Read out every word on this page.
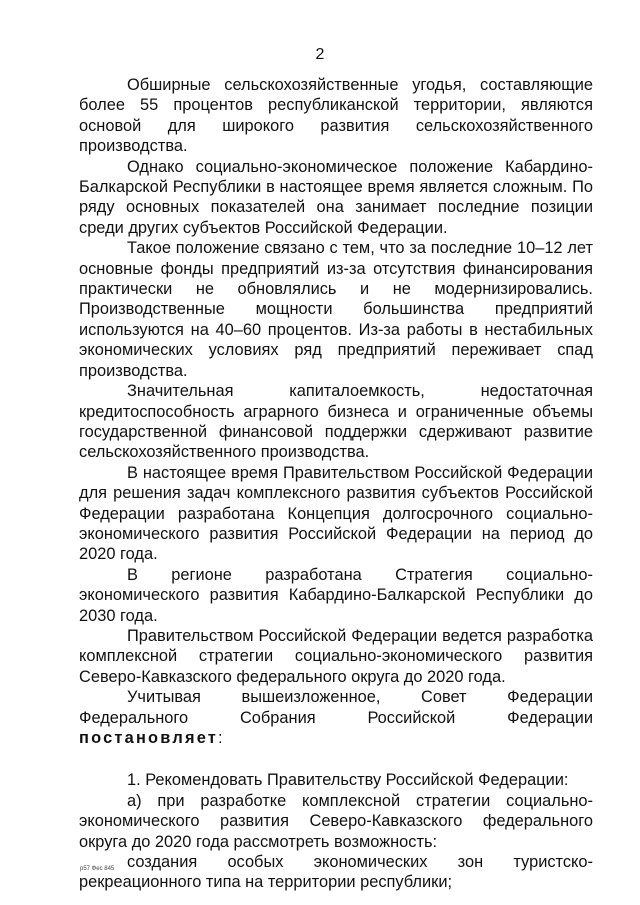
2

Обширные сельскохозяйственные угодья, составляющие более 55 процентов республиканской территории, являются основой для широкого развития сельскохозяйственного производства.

Однако социально-экономическое положение Кабардино-Балкарской Республики в настоящее время является сложным. По ряду основных показателей она занимает последние позиции среди других субъектов Российской Федерации.

Такое положение связано с тем, что за последние 10–12 лет основные фонды предприятий из-за отсутствия финансирования практически не обновлялись и не модернизировались. Производственные мощности большинства предприятий используются на 40–60 процентов. Из-за работы в нестабильных экономических условиях ряд предприятий переживает спад производства.

Значительная капиталоемкость, недостаточная кредитоспособность аграрного бизнеса и ограниченные объемы государственной финансовой поддержки сдерживают развитие сельскохозяйственного производства.

В настоящее время Правительством Российской Федерации для решения задач комплексного развития субъектов Российской Федерации разработана Концепция долгосрочного социально-экономического развития Российской Федерации на период до 2020 года.

В регионе разработана Стратегия социально-экономического развития Кабардино-Балкарской Республики до 2030 года.

Правительством Российской Федерации ведется разработка комплексной стратегии социально-экономического развития Северо-Кавказского федерального округа до 2020 года.

Учитывая вышеизложенное, Совет Федерации Федерального Собрания Российской Федерации постановляет:

1. Рекомендовать Правительству Российской Федерации:

а) при разработке комплексной стратегии социально-экономического развития Северо-Кавказского федерального округа до 2020 года рассмотреть возможность:

создания особых экономических зон туристско-рекреационного типа на территории республики;

р57 Фес 845
